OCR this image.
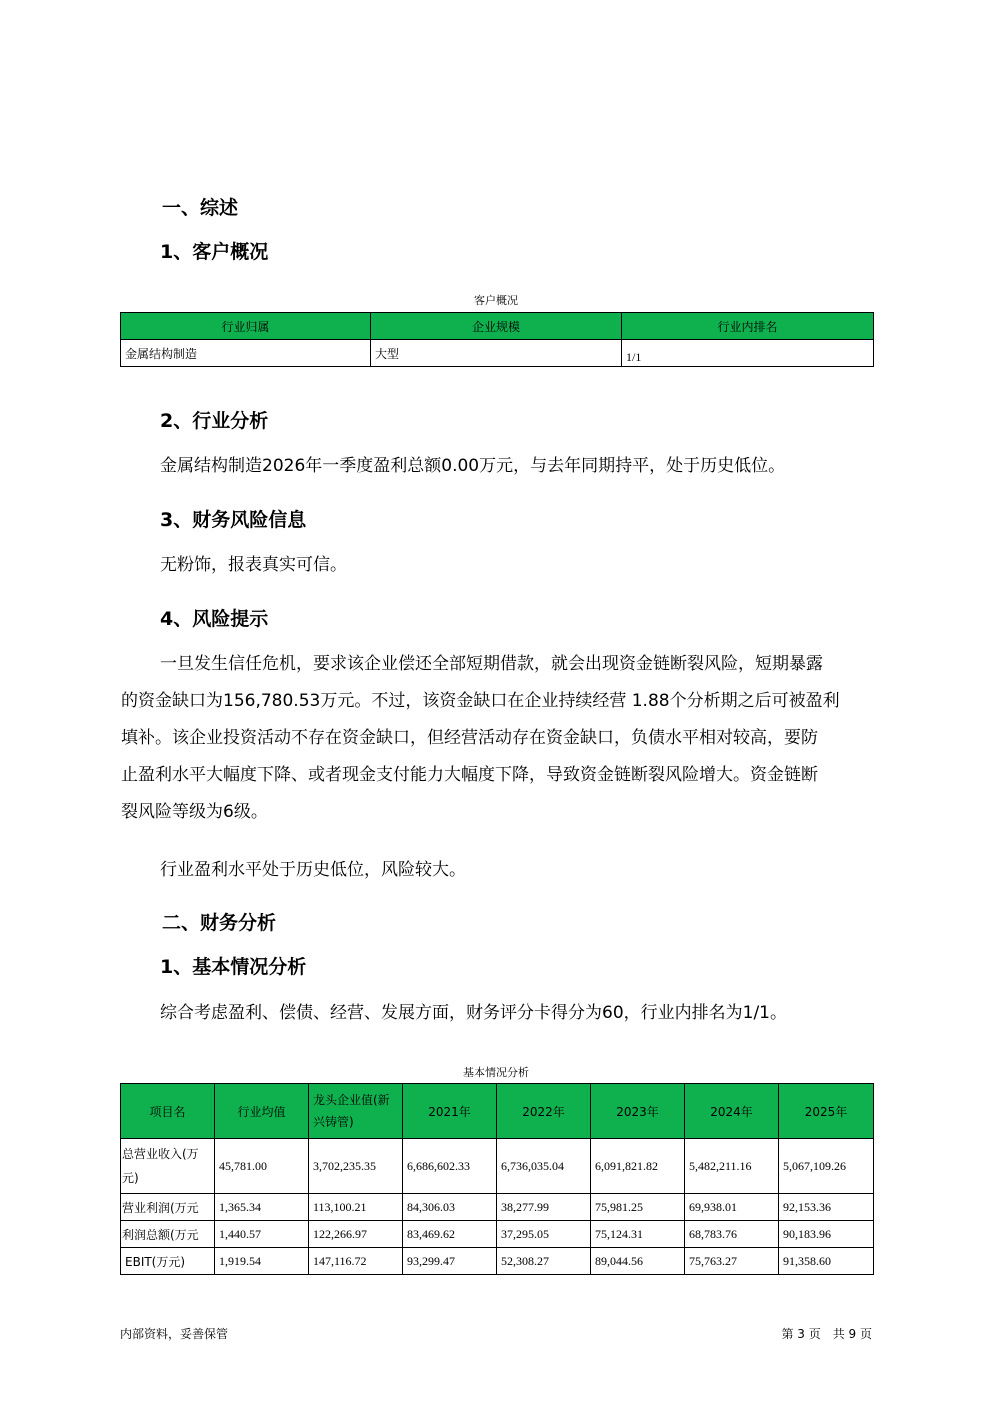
一、综述
1、客户概况
客户概况
行业归属	企业规模	行业内排名
金属结构制造	大型	1/1
2、行业分析
金属结构制造2026年一季度盈利总额0.00万元，与去年同期持平，处于历史低位。
3、财务风险信息
无粉饰，报表真实可信。
4、风险提示
一旦发生信任危机，要求该企业偿还全部短期借款，就会出现资金链断裂风险，短期暴露
的资金缺口为156,780.53万元。不过，该资金缺口在企业持续经营 1.88个分析期之后可被盈利
填补。该企业投资活动不存在资金缺口，但经营活动存在资金缺口，负债水平相对较高，要防
止盈利水平大幅度下降、或者现金支付能力大幅度下降，导致资金链断裂风险增大。资金链断
裂风险等级为6级。
行业盈利水平处于历史低位，风险较大。
二、财务分析
1、基本情况分析
综合考虑盈利、偿债、经营、发展方面，财务评分卡得分为60，行业内排名为1/1。
基本情况分析
项目名	行业均值	龙头企业值(新兴铸管)	2021年	2022年	2023年	2024年	2025年
总营业收入(万元)	45,781.00	3,702,235.35	6,686,602.33	6,736,035.04	6,091,821.82	5,482,211.16	5,067,109.26
营业利润(万元	1,365.34	113,100.21	84,306.03	38,277.99	75,981.25	69,938.01	92,153.36
利润总额(万元	1,440.57	122,266.97	83,469.62	37,295.05	75,124.31	68,783.76	90,183.96
EBIT(万元)	1,919.54	147,116.72	93,299.47	52,308.27	89,044.56	75,763.27	91,358.60
内部资料，妥善保管	第 3 页　共 9 页
